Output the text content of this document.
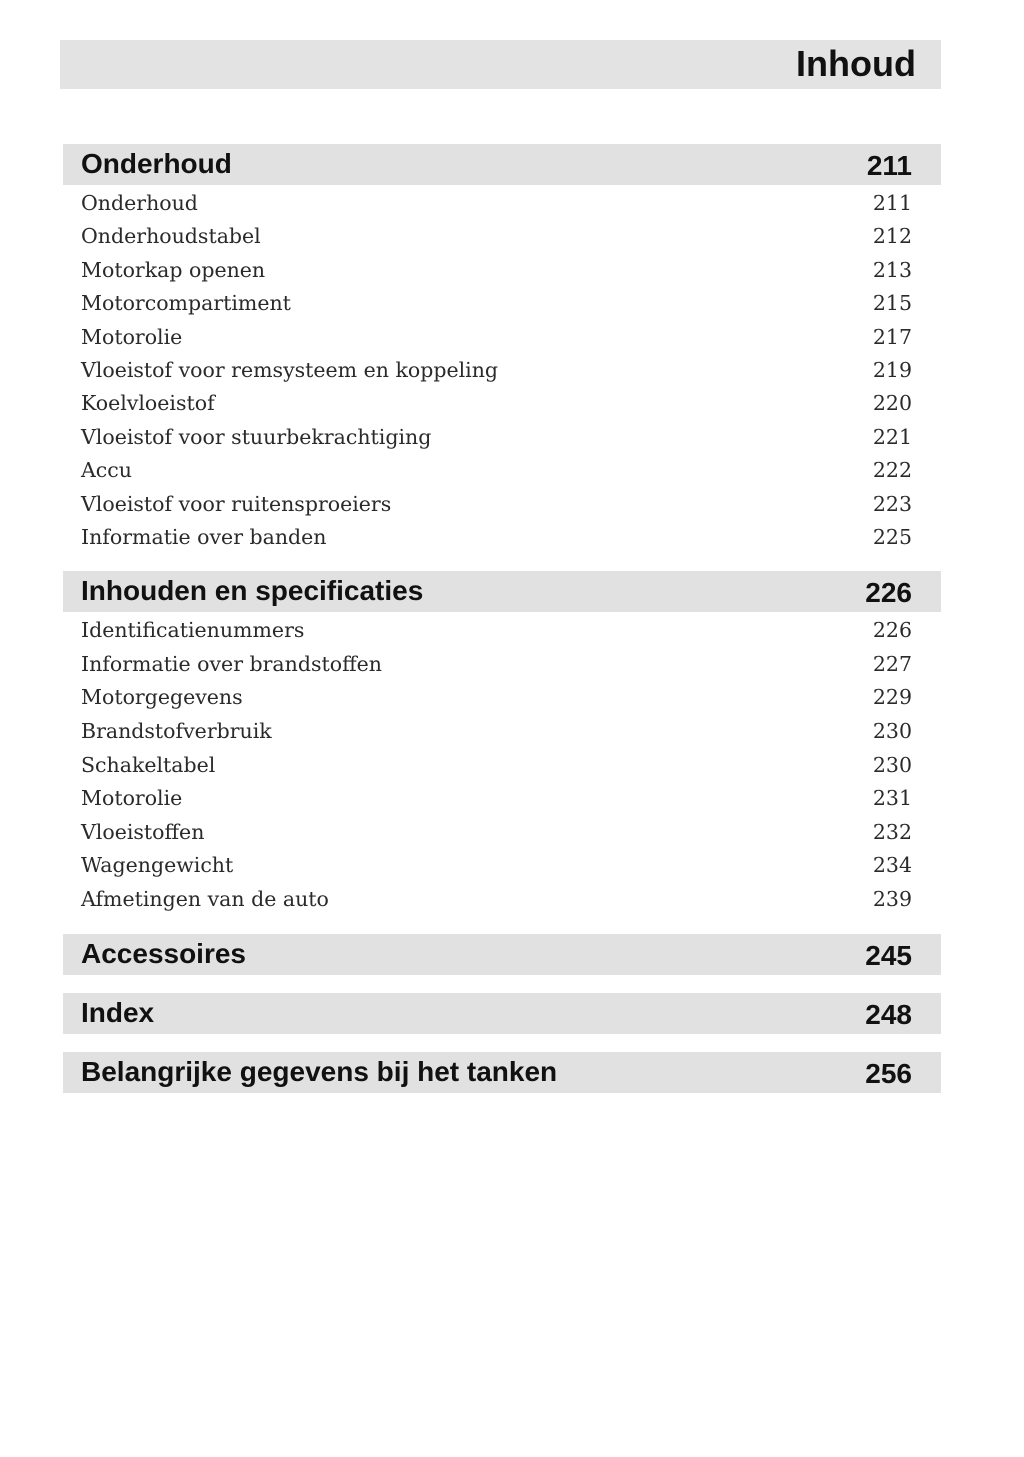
Inhoud
Onderhoud	211
Onderhoud	211
Onderhoudstabel	212
Motorkap openen	213
Motorcompartiment	215
Motorolie	217
Vloeistof voor remsysteem en koppeling	219
Koelvloeistof	220
Vloeistof voor stuurbekrachtiging	221
Accu	222
Vloeistof voor ruitensproeiers	223
Informatie over banden	225
Inhouden en specificaties	226
Identificatienummers	226
Informatie over brandstoffen	227
Motorgegevens	229
Brandstofverbruik	230
Schakeltabel	230
Motorolie	231
Vloeistoffen	232
Wagengewicht	234
Afmetingen van de auto	239
Accessoires	245
Index	248
Belangrijke gegevens bij het tanken	256
